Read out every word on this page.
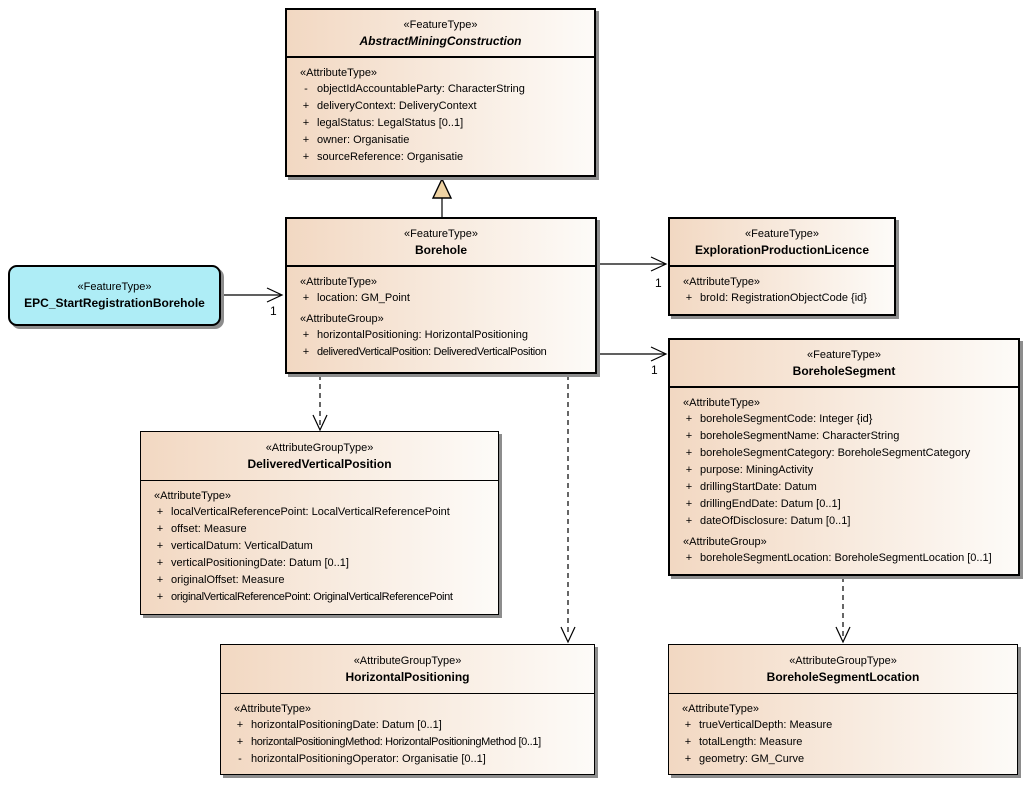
1
1
1
«FeatureType»
AbstractMiningConstruction
«AttributeType»
- objectIdAccountableParty: CharacterString
+ deliveryContext: DeliveryContext
+ legalStatus: LegalStatus [0..1]
+ owner: Organisatie
+ sourceReference: Organisatie
«FeatureType»
Borehole
«AttributeType»
+ location: GM_Point
«AttributeGroup»
+ horizontalPositioning: HorizontalPositioning
+ deliveredVerticalPosition: DeliveredVerticalPosition
«FeatureType»
EPC_StartRegistrationBorehole
«FeatureType»
ExplorationProductionLicence
«AttributeType»
+ broId: RegistrationObjectCode {id}
«FeatureType»
BoreholeSegment
«AttributeType»
+ boreholeSegmentCode: Integer {id}
+ boreholeSegmentName: CharacterString
+ boreholeSegmentCategory: BoreholeSegmentCategory
+ purpose: MiningActivity
+ drillingStartDate: Datum
+ drillingEndDate: Datum [0..1]
+ dateOfDisclosure: Datum [0..1]
«AttributeGroup»
+ boreholeSegmentLocation: BoreholeSegmentLocation [0..1]
«AttributeGroupType»
DeliveredVerticalPosition
«AttributeType»
+ localVerticalReferencePoint: LocalVerticalReferencePoint
+ offset: Measure
+ verticalDatum: VerticalDatum
+ verticalPositioningDate: Datum [0..1]
+ originalOffset: Measure
+ originalVerticalReferencePoint: OriginalVerticalReferencePoint
«AttributeGroupType»
HorizontalPositioning
«AttributeType»
+ horizontalPositioningDate: Datum [0..1]
+ horizontalPositioningMethod: HorizontalPositioningMethod [0..1]
- horizontalPositioningOperator: Organisatie [0..1]
«AttributeGroupType»
BoreholeSegmentLocation
«AttributeType»
+ trueVerticalDepth: Measure
+ totalLength: Measure
+ geometry: GM_Curve
